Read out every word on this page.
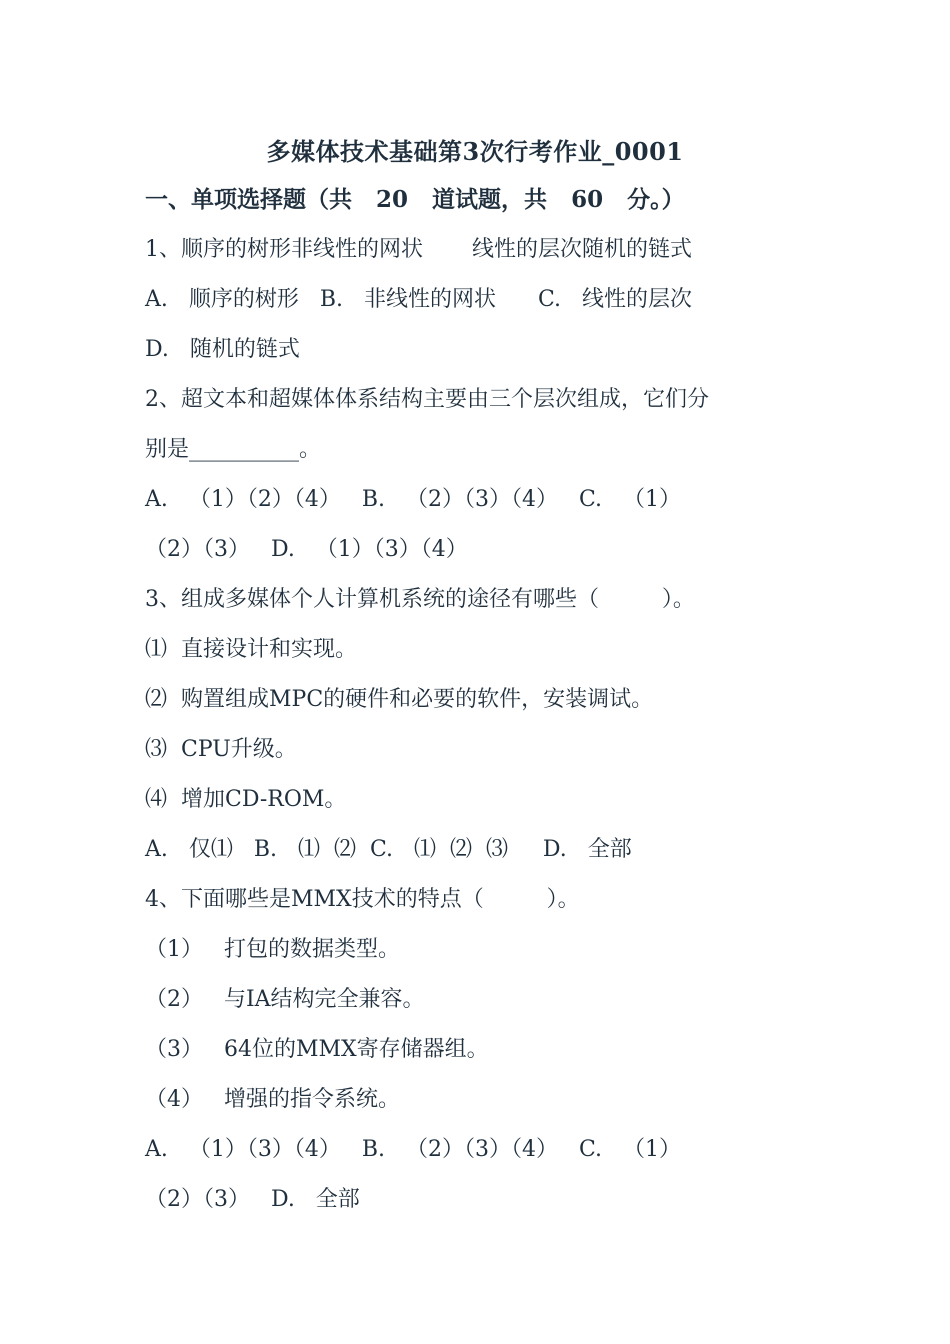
多媒体技术基础第3次行考作业_0001
一、单项选择题（共   20   道试题，共   60   分。）
1、顺序的树形非线性的网状       线性的层次随机的链式
A.   顺序的树形   B.   非线性的网状      C.   线性的层次
D.   随机的链式
2、超文本和超媒体体系结构主要由三个层次组成，它们分
别是__________。
A.   （1）（2）（4）   B.   （2）（3）（4）   C.   （1）
（2）（3）   D.   （1）（3）（4）
3、组成多媒体个人计算机系统的途径有哪些（         ）。
⑴  直接设计和实现。
⑵  购置组成MPC的硬件和必要的软件，安装调试。
⑶  CPU升级。
⑷  增加CD-ROM。
A.   仅⑴   B.   ⑴  ⑵  C.   ⑴  ⑵  ⑶     D.   全部
4、下面哪些是MMX技术的特点（         ）。
（1）   打包的数据类型。
（2）   与IA结构完全兼容。
（3）   64位的MMX寄存储器组。
（4）   增强的指令系统。
A.   （1）（3）（4）   B.   （2）（3）（4）   C.   （1）
（2）（3）   D.   全部
